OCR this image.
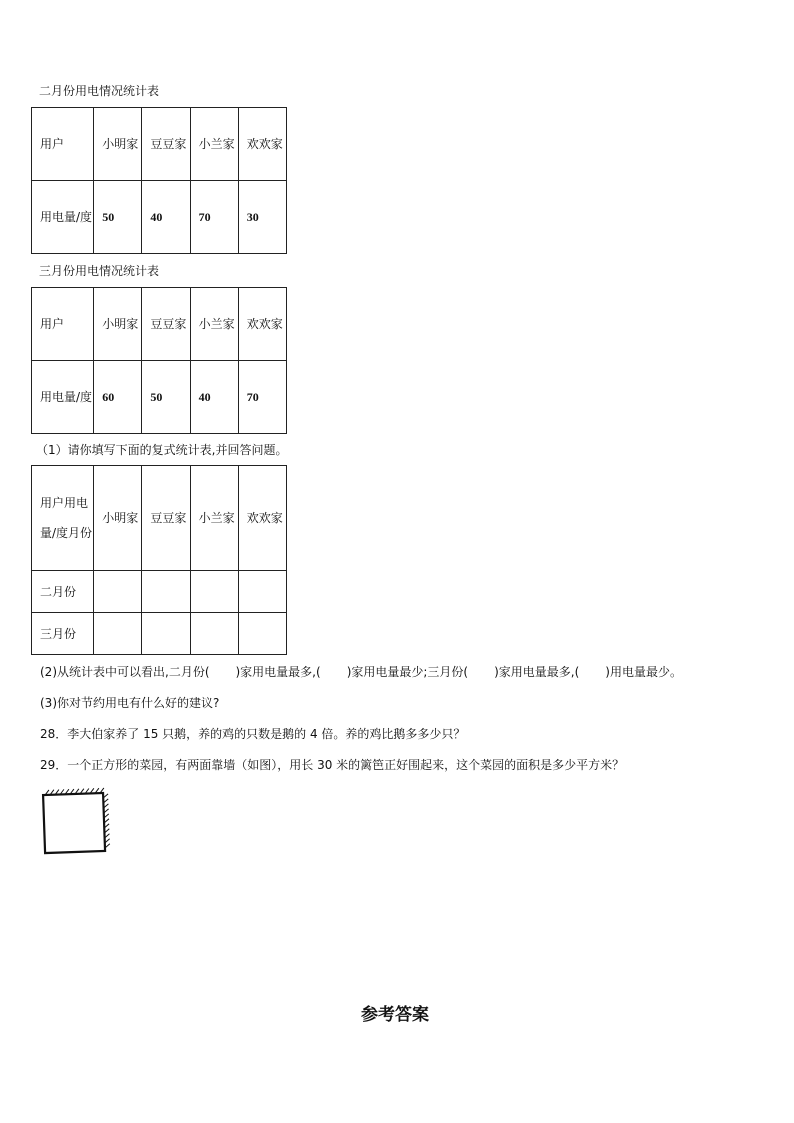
二月份用电情况统计表
用户	小明家	豆豆家	小兰家	欢欢家
用电量/度	50	40	70	30
三月份用电情况统计表
用户	小明家	豆豆家	小兰家	欢欢家
用电量/度	60	50	40	70
（1）请你填写下面的复式统计表,并回答问题。
用户用电量/度月份	小明家	豆豆家	小兰家	欢欢家
二月份				
三月份				
(2)从统计表中可以看出,二月份( )家用电量最多,( )家用电量最少;三月份( )家用电量最多,( )用电量最少。
(3)你对节约用电有什么好的建议?
28．李大伯家养了 15 只鹅，养的鸡的只数是鹅的 4 倍。养的鸡比鹅多多少只？
29．一个正方形的菜园，有两面靠墙（如图），用长 30 米的篱笆正好围起来，这个菜园的面积是多少平方米？
参考答案
